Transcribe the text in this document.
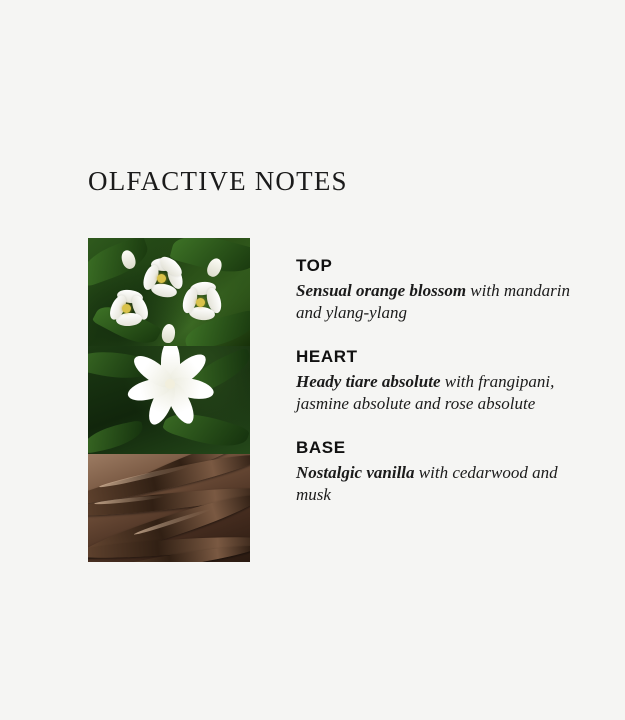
OLFACTIVE NOTES
TOP

Sensual orange blossom with mandarin and ylang-ylang

HEART

Heady tiare absolute with frangipani, jasmine absolute and rose absolute

BASE

Nostalgic vanilla with cedarwood and musk
